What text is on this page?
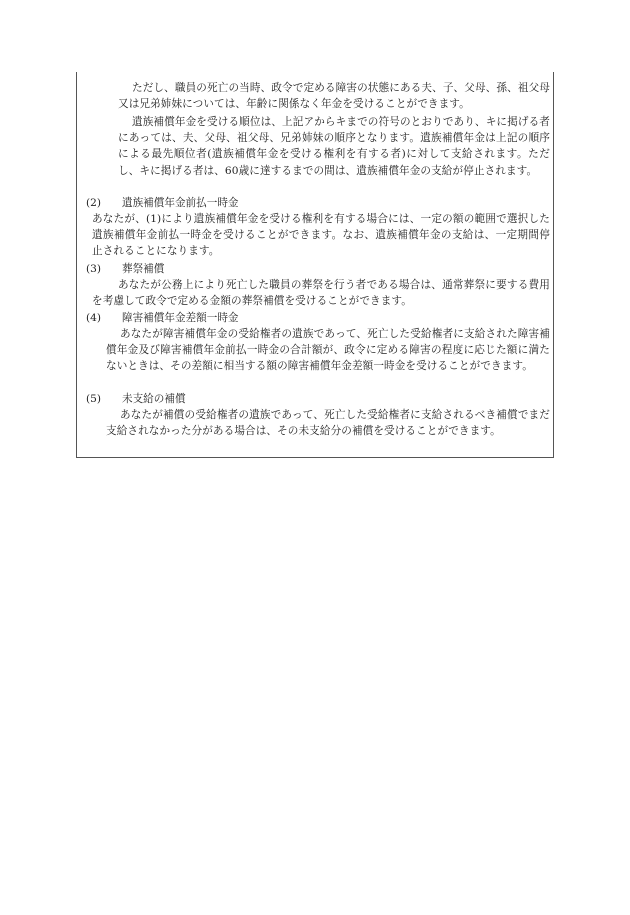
ただし、職員の死亡の当時、政令で定める障害の状態にある夫、子、父母、孫、祖父母又は兄弟姉妹については、年齢に関係なく年金を受けることができます。
遺族補償年金を受ける順位は、上記アからキまでの符号のとおりであり、キに掲げる者にあっては、夫、父母、祖父母、兄弟姉妹の順序となります。遺族補償年金は上記の順序による最先順位者(遺族補償年金を受ける権利を有する者)に対して支給されます。ただし、キに掲げる者は、60歳に達するまでの間は、遺族補償年金の支給が停止されます。
(2) 遺族補償年金前払一時金
あなたが、(1)により遺族補償年金を受ける権利を有する場合には、一定の額の範囲で選択した遺族補償年金前払一時金を受けることができます。なお、遺族補償年金の支給は、一定期間停止されることになります。
(3) 葬祭補償
あなたが公務上により死亡した職員の葬祭を行う者である場合は、通常葬祭に要する費用を考慮して政令で定める金額の葬祭補償を受けることができます。
(4) 障害補償年金差額一時金
あなたが障害補償年金の受給権者の遺族であって、死亡した受給権者に支給された障害補償年金及び障害補償年金前払一時金の合計額が、政令に定める障害の程度に応じた額に満たないときは、その差額に相当する額の障害補償年金差額一時金を受けることができます。
(5) 未支給の補償
あなたが補償の受給権者の遺族であって、死亡した受給権者に支給されるべき補償でまだ支給されなかった分がある場合は、その未支給分の補償を受けることができます。
